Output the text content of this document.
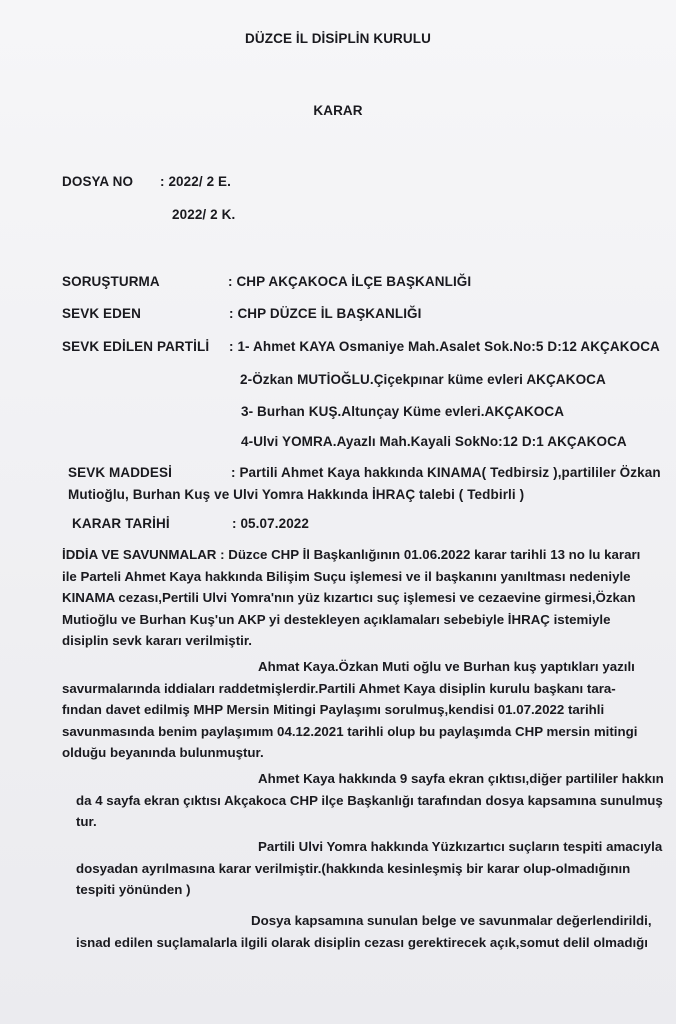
DÜZCE İL DİSİPLİN KURULU
KARAR
DOSYA NO : 2022/ 2 E.
2022/ 2 K.
SORUŞTURMA	: CHP AKÇAKOCA İLÇE BAŞKANLIĞI
SEVK EDEN	: CHP DÜZCE İL BAŞKANLIĞI
SEVK EDİLEN PARTİLİ : 1- Ahmet KAYA Osmaniye Mah.Asalet Sok.No:5 D:12 AKÇAKOCA
2-Özkan MUTİOĞLU.Çiçekpınar küme evleri AKÇAKOCA
3- Burhan KUŞ.Altunçay Küme evleri.AKÇAKOCA
4-Ulvi YOMRA.Ayazlı Mah.Kayali SokNo:12 D:1 AKÇAKOCA
SEVK MADDESİ	: Partili Ahmet Kaya hakkında KINAMA( Tedbirsiz ),partililer Özkan
Mutioğlu, Burhan Kuş ve Ulvi Yomra Hakkında İHRAÇ talebi ( Tedbirli )
KARAR TARİHİ	: 05.07.2022
İDDİA VE SAVUNMALAR : Düzce CHP İl Başkanlığının 01.06.2022 karar tarihli 13 no lu kararı
ile Parteli Ahmet Kaya hakkında Bilişim Suçu işlemesi ve il başkanını yanıltması nedeniyle
KINAMA cezası,Pertili Ulvi Yomra'nın yüz kızartıcı suç işlemesi ve cezaevine girmesi,Özkan
Mutioğlu ve Burhan Kuş'un AKP yi destekleyen açıklamaları sebebiyle İHRAÇ istemiyle
disiplin sevk kararı verilmiştir.
Ahmat Kaya.Özkan Muti oğlu ve Burhan kuş yaptıkları yazılı
savurmalarında iddiaları raddetmişlerdir.Partili Ahmet Kaya disiplin kurulu başkanı tara-
fından davet edilmiş MHP Mersin Mitingi Paylaşımı sorulmuş,kendisi 01.07.2022 tarihli
savunmasında benim paylaşımım 04.12.2021 tarihli olup bu paylaşımda CHP mersin mitingi
olduğu beyanında bulunmuştur.
Ahmet Kaya hakkında 9 sayfa ekran çıktısı,diğer partililer hakkın
da 4 sayfa ekran çıktısı Akçakoca CHP ilçe Başkanlığı tarafından dosya kapsamına sunulmuş
tur.
Partili Ulvi Yomra hakkında Yüzkızartıcı suçların tespiti amacıyla
dosyadan ayrılmasına karar verilmiştir.(hakkında kesinleşmiş bir karar olup-olmadığının
tespiti yönünden )
Dosya kapsamına sunulan belge ve savunmalar değerlendirildi,
isnad edilen suçlamalarla ilgili olarak disiplin cezası gerektirecek açık,somut delil olmadığı
